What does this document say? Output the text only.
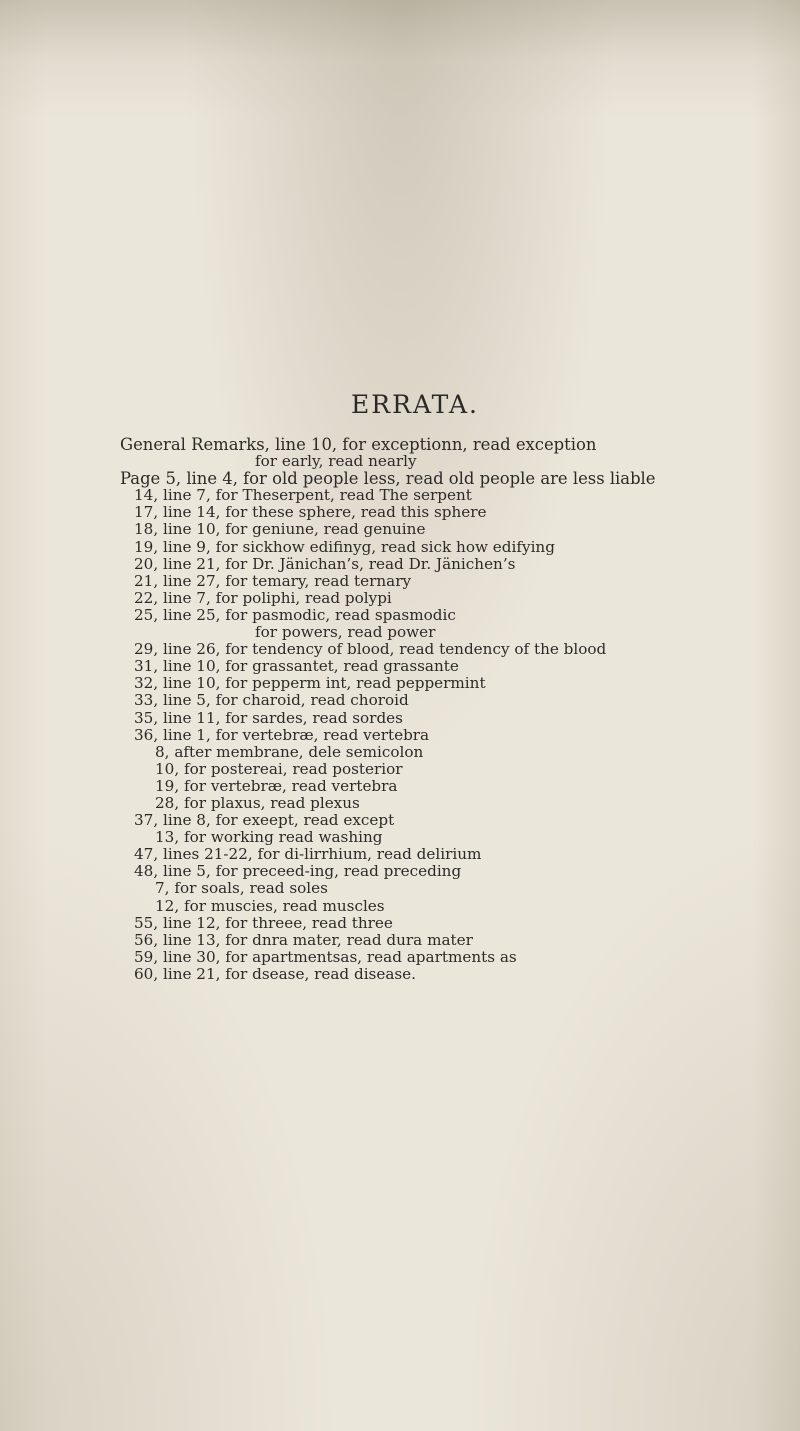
ERRATA.
General Remarks, line 10, for exceptionn, read exception
for early, read nearly
Page 5, line 4, for old people less, read old people are less liable
14, line 7, for Theserpent, read The serpent
17, line 14, for these sphere, read this sphere
18, line 10, for geniune, read genuine
19, line 9, for sickhow edifinyg, read sick how edifying
20, line 21, for Dr. Jänichan’s, read Dr. Jänichen’s
21, line 27, for temary, read ternary
22, line 7, for poliphi, read polypi
25, line 25, for pasmodic, read spasmodic
for powers, read power
29, line 26, for tendency of blood, read tendency of the blood
31, line 10, for grassantet, read grassante
32, line 10, for pepperm int, read peppermint
33, line 5, for charoid, read choroid
35, line 11, for sardes, read sordes
36, line 1, for vertebræ, read vertebra
8, after membrane, dele semicolon
10, for postereai, read posterior
19, for vertebræ, read vertebra
28, for plaxus, read plexus
37, line 8, for exeept, read except
13, for working read washing
47, lines 21-22, for di-lirrhium, read delirium
48, line 5, for preceed-ing, read preceding
7, for soals, read soles
12, for muscies, read muscles
55, line 12, for threee, read three
56, line 13, for dnra mater, read dura mater
59, line 30, for apartmentsas, read apartments as
60, line 21, for dsease, read disease.
